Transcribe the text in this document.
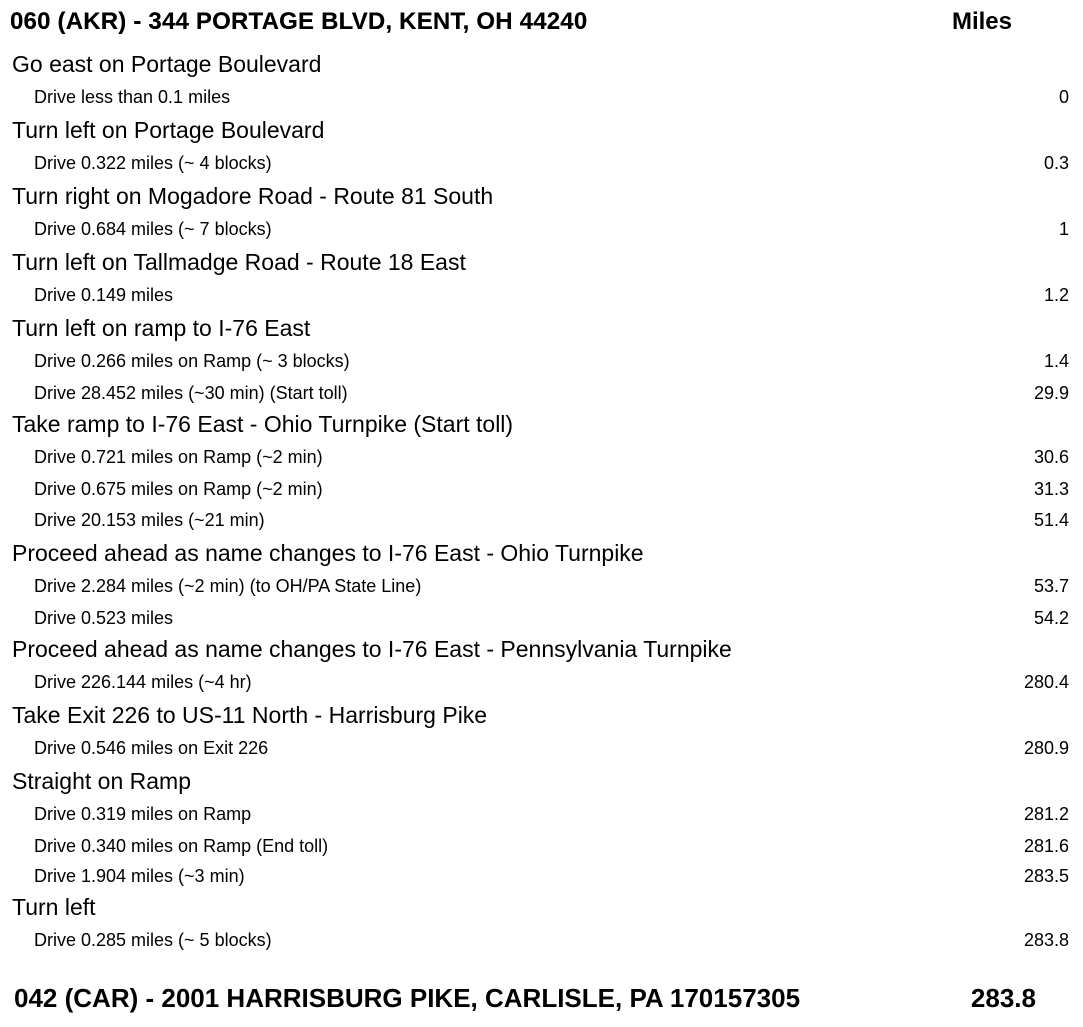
060 (AKR) - 344 PORTAGE BLVD, KENT, OH 44240	Miles
Go east on Portage Boulevard
Drive less than 0.1 miles	0
Turn left on Portage Boulevard
Drive 0.322 miles (~ 4 blocks)	0.3
Turn right on Mogadore Road - Route 81 South
Drive 0.684 miles (~ 7 blocks)	1
Turn left on Tallmadge Road - Route 18 East
Drive 0.149 miles	1.2
Turn left on ramp to I-76 East
Drive 0.266 miles on Ramp (~ 3 blocks)	1.4
Drive 28.452 miles (~30 min) (Start toll)	29.9
Take ramp to I-76 East - Ohio Turnpike (Start toll)
Drive 0.721 miles on Ramp (~2 min)	30.6
Drive 0.675 miles on Ramp (~2 min)	31.3
Drive 20.153 miles (~21 min)	51.4
Proceed ahead as name changes to I-76 East - Ohio Turnpike
Drive 2.284 miles (~2 min) (to OH/PA State Line)	53.7
Drive 0.523 miles	54.2
Proceed ahead as name changes to I-76 East - Pennsylvania Turnpike
Drive 226.144 miles (~4 hr)	280.4
Take Exit 226 to US-11 North - Harrisburg Pike
Drive 0.546 miles on Exit 226	280.9
Straight on Ramp
Drive 0.319 miles on Ramp	281.2
Drive 0.340 miles on Ramp (End toll)	281.6
Drive 1.904 miles (~3 min)	283.5
Turn left
Drive 0.285 miles (~ 5 blocks)	283.8
042 (CAR) - 2001 HARRISBURG PIKE, CARLISLE, PA 170157305	283.8
